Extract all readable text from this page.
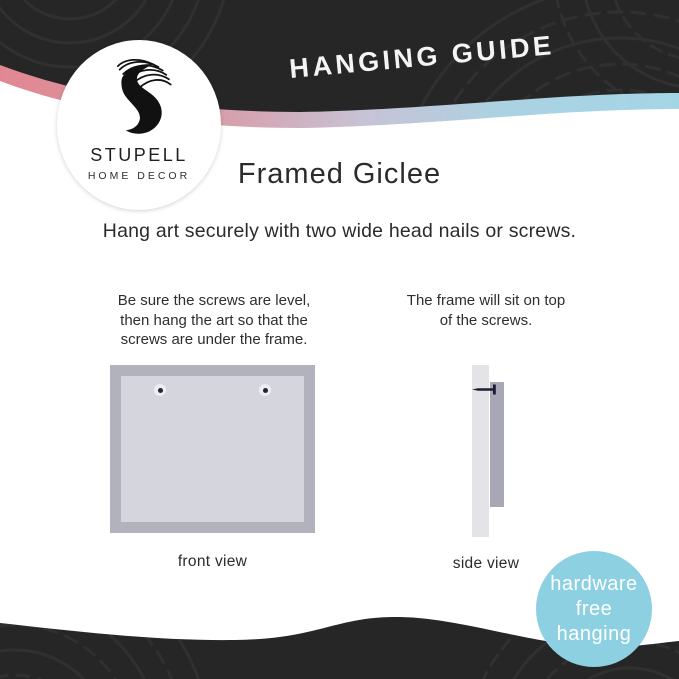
STUPELL
HOME DECOR
HANGING GUIDE
Framed Giclee
Hang art securely with two wide head nails or screws.
Be sure the screws are level,
then hang the art so that the
screws are under the frame.
The frame will sit on top
of the screws.
front view	side view
hardware
free
hanging
